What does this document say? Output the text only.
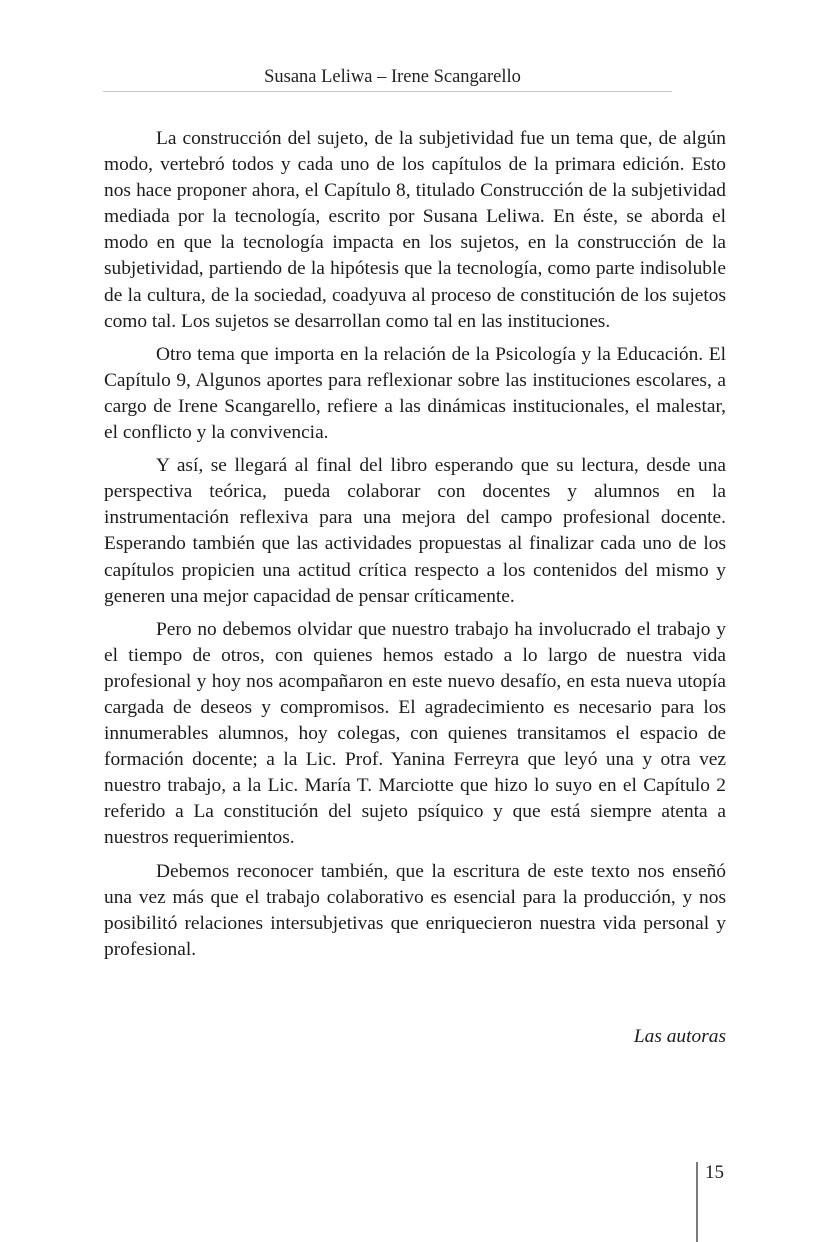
Susana Leliwa – Irene Scangarello

La construcción del sujeto, de la subjetividad fue un tema que, de algún modo, vertebró todos y cada uno de los capítulos de la primara edición. Esto nos hace proponer ahora, el Capítulo 8, titulado Construcción de la subjetividad mediada por la tecnología, escrito por Susana Leliwa. En éste, se aborda el modo en que la tecnología impacta en los sujetos, en la construcción de la subjetividad, partiendo de la hipótesis que la tecnología, como parte indisoluble de la cultura, de la sociedad, coadyuva al proceso de constitución de los sujetos como tal. Los sujetos se desarrollan como tal en las instituciones.

Otro tema que importa en la relación de la Psicología y la Educación. El Capítulo 9, Algunos aportes para reflexionar sobre las instituciones escolares, a cargo de Irene Scangarello, refiere a las dinámicas institucionales, el malestar, el conflicto y la convivencia.

Y así, se llegará al final del libro esperando que su lectura, desde una perspectiva teórica, pueda colaborar con docentes y alumnos en la instrumentación reflexiva para una mejora del campo profesional docente. Esperando también que las actividades propuestas al finalizar cada uno de los capítulos propicien una actitud crítica respecto a los contenidos del mismo y generen una mejor capacidad de pensar críticamente.

Pero no debemos olvidar que nuestro trabajo ha involucrado el trabajo y el tiempo de otros, con quienes hemos estado a lo largo de nuestra vida profesional y hoy nos acompañaron en este nuevo desafío, en esta nueva utopía cargada de deseos y compromisos. El agradecimiento es necesario para los innumerables alumnos, hoy colegas, con quienes transitamos el espacio de formación docente; a la Lic. Prof. Yanina Ferreyra que leyó una y otra vez nuestro trabajo, a la Lic. María T. Marciotte que hizo lo suyo en el Capítulo 2 referido a La constitución del sujeto psíquico y que está siempre atenta a nuestros requerimientos.

Debemos reconocer también, que la escritura de este texto nos enseñó una vez más que el trabajo colaborativo es esencial para la producción, y nos posibilitó relaciones intersubjetivas que enriquecieron nuestra vida personal y profesional.

Las autoras
15
